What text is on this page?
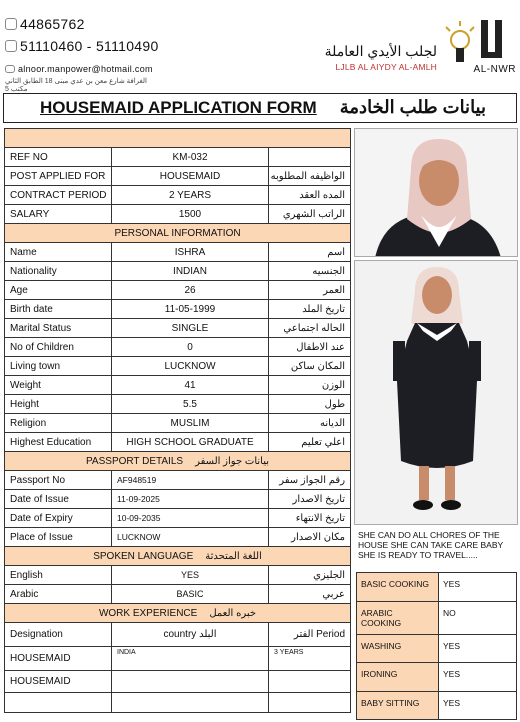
44865762
51110460 - 51110490
alnoor.manpower@hotmail.com
الغرافة شارع معن بن عدي مبنى 18 الطابق الثاني مكتب 5
لجلب الأيدي العاملة
LJLB AL AIYDY AL-AMLH	AL-NWR
HOUSEMAID APPLICATION FORM بيانات طلب الخادمة

REF NO	KM-032	
POST APPLIED FOR	HOUSEMAID	الواظيفه المطلوبه
CONTRACT PERIOD	2 YEARS	المده العقد
SALARY	1500	الراتب الشهري
PERSONAL INFORMATION		
Name	ISHRA	اسم
Nationality	INDIAN	الجنسيه
Age	26	العمر
Birth date	11-05-1999	تاريخ الملد
Marital Status	SINGLE	الحاله اجتماعي
No of Children	0	عند الاطفال
Living town	LUCKNOW	المكان ساكن
Weight	41	الوزن
Height	5.5	طول
Religion	MUSLIM	الديانه
Highest Education	HIGH SCHOOL GRADUATE	اعلي تعليم
PASSPORT DETAILS بيانات جواز السفر		
Passport No	AF948519	رقم الجواز سفر
Date of Issue	11-09-2025	تاريخ الاصدار
Date of Expiry	10-09-2035	تاريخ الانتهاء
Place of Issue	LUCKNOW	مكان الاصدار
SPOKEN LANGUAGE اللغة المتحدثة		
English	YES	الجليزي
Arabic	BASIC	عربي
WORK EXPERIENCE خبره العمل		
Designation	country البلد	Period الفتر
HOUSEMAID	INDIA	3 YEARS
HOUSEMAID		

SHE CAN DO ALL CHORES OF THE HOUSE SHE CAN TAKE CARE BABY SHE IS READY TO TRAVEL.....
BASIC COOKING	YES
ARABIC COOKING	NO
WASHING	YES
IRONING	YES
BABY SITTING	YES
